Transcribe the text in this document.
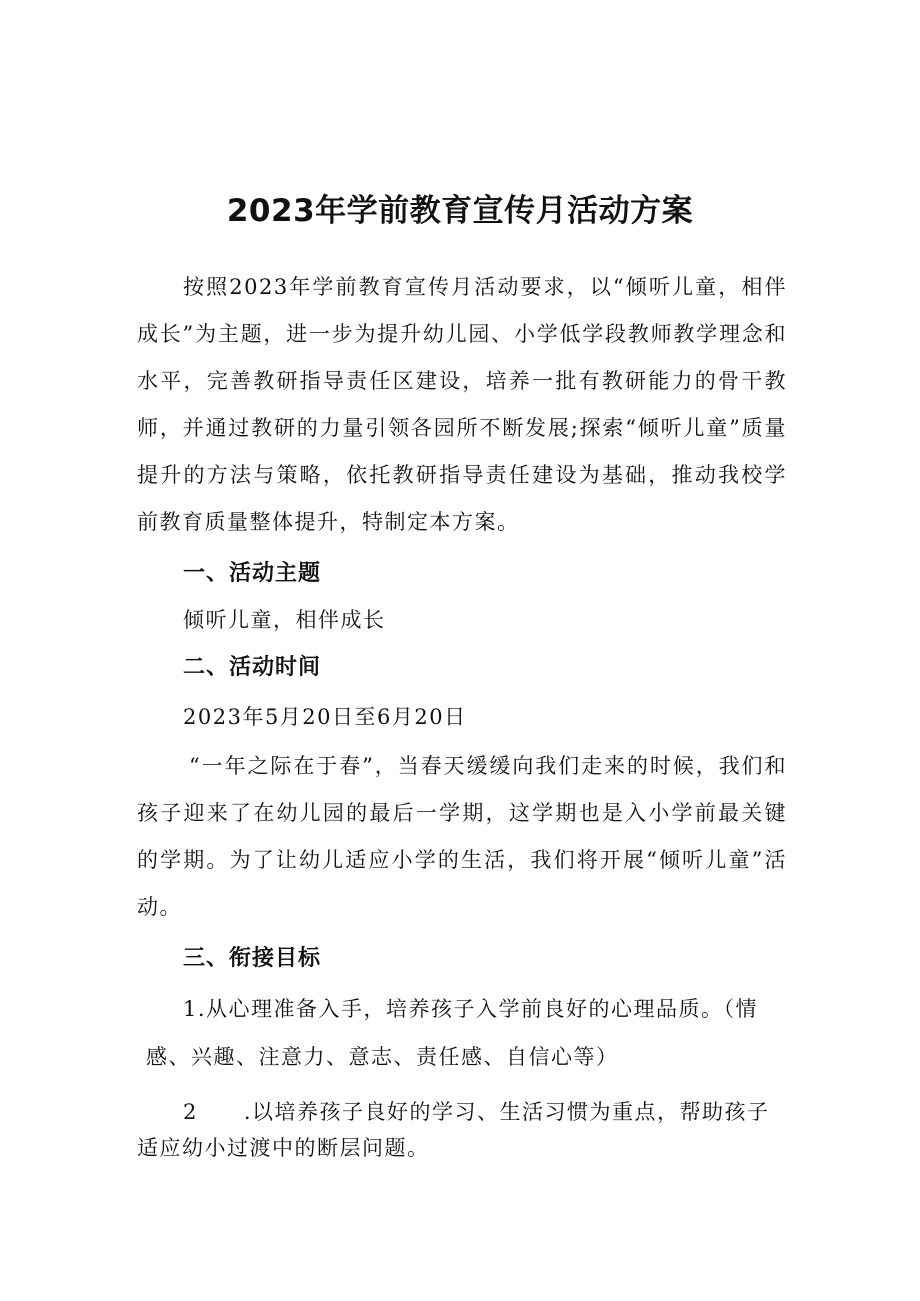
2023年学前教育宣传月活动方案

按照2023年学前教育宣传月活动要求，以“倾听儿童，相伴成长”为主题，进一步为提升幼儿园、小学低学段教师教学理念和水平，完善教研指导责任区建设，培养一批有教研能力的骨干教师，并通过教研的力量引领各园所不断发展;探索“倾听儿童”质量提升的方法与策略，依托教研指导责任建设为基础，推动我校学前教育质量整体提升，特制定本方案。

一、活动主题

倾听儿童，相伴成长

二、活动时间

2023年5月20日至6月20日

“一年之际在于春”，当春天缓缓向我们走来的时候，我们和孩子迎来了在幼儿园的最后一学期，这学期也是入小学前最关键的学期。为了让幼儿适应小学的生活，我们将开展“倾听儿童”活动。

三、衔接目标

1.从心理准备入手，培养孩子入学前良好的心理品质。（情

感、兴趣、注意力、意志、责任感、自信心等）

2 .以培养孩子良好的学习、生活习惯为重点，帮助孩子

适应幼小过渡中的断层问题。
